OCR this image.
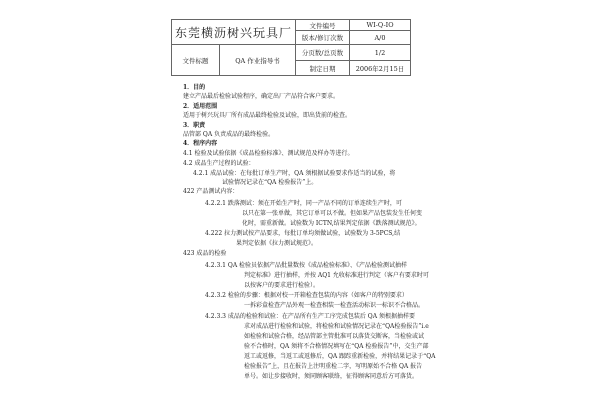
东莞横沥树兴玩具厂		文件编号	WI-Q-IO
		版本/修订次数	A/0
文件标题	QA 作业指导书	分页数/总页数	1/2
		制定日期	2006年2月15日
1．目的
建立产品最后检验试验程序，确定出厂产品符合客户要求。
2．适用范围
适用于树兴玩具厂所有成品最终检验及试验，即出货前的检查。
3．职责
品管部 QA 负责成品的最终检验。
4．程序内容
4.1 检验及试验依据《成品检验标准》、测试规范及样办等进行。
4.2 成品生产过程的试验：
4.2.1 成品试验：在每批订单生产时，QA 须根据试验要求作适当的试验，将
试验情况记录在“QA 检验报告”上。
422 产品测试内容：
4.2.2.1 跌落测试：须在开始生产时，同一产品不同的订单连续生产时，可
以只在第一张单做，其它订单可以不做。但如果产品包装发生任何变
化时，需重新做。试验数为 ICTN,结果判定依据《跌落测试规范》。
4.222 拉力测试按产品要求，每批订单均须做试验，试验数为 3-5PCS,结
果判定依据《拉力测试规范》。
423 成品的检验
4.2.3.1 QA 检验员依据产品批量数按《成品检验标准》、《产品检验测试抽样
判定标准》进行抽样，并按 AQ1 允收标准进行判定（客户有要求时可
以按客户的要求进行检验）。
4.2.3.2 检验的步骤：根据对校一开箱检查包装的内容（如客户的特别要求）
一拆彩盒检查产品外观一检查相装一检查活动标识一标识不合格品。
4.2.3.3 成品的检验和试验：在产品所有生产工序完成包装后 QA 须根据抽样要
求对成品进行检验和试验，将检验和试验情况记录在“QA检验报告”i.e
如检验和试验合格，经品管部主管批准可以落货交断客，当检验或试
验不合格时，QA 须将不合格情况填写在“QA 检验报告”中，交生产部
返工或返修，当返工或返修后，QA 跟踪重新检验，并将结果记录于“QA
检验报告”上，且在报告上注明重检二字，写明原始不合格 QA 报告
单号。如让步接收时，须同顾客联络，征得顾客同意后方可落货。
